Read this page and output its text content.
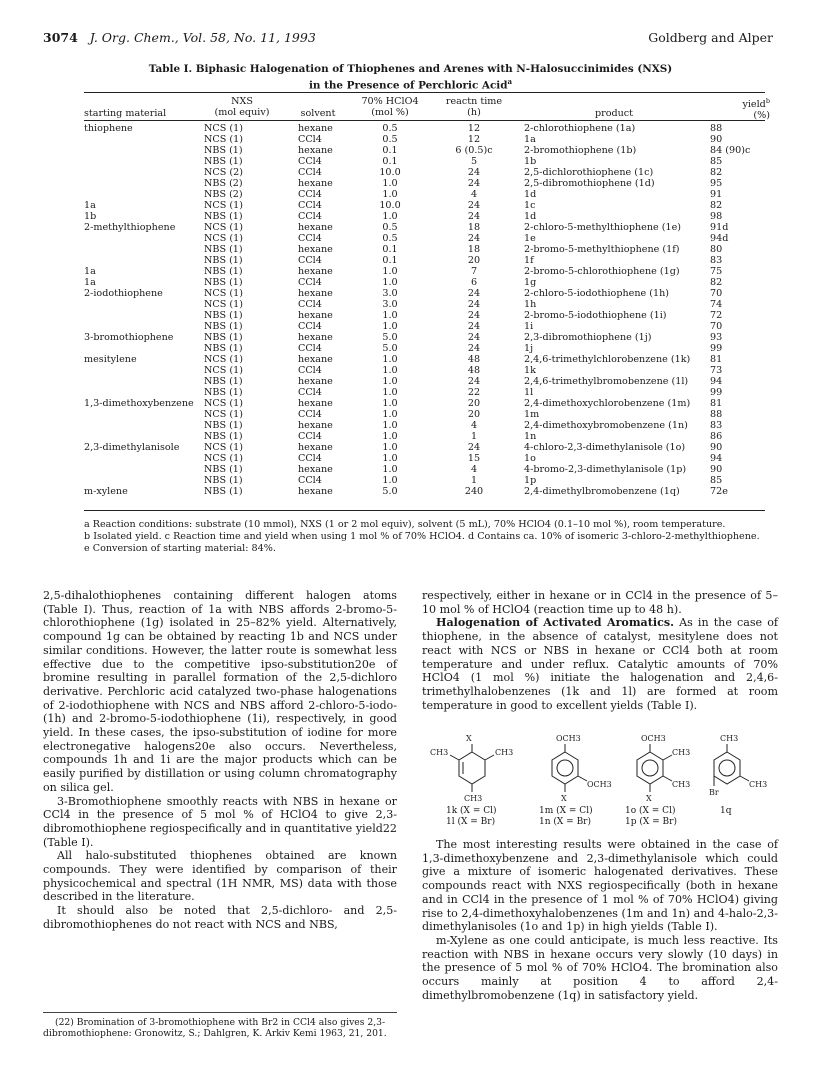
3074 J. Org. Chem., Vol. 58, No. 11, 1993	Goldberg and Alper
Table I. Biphasic Halogenation of Thiophenes and Arenes with N-Halosuccinimides (NXS)
in the Presence of Perchloric Acid$^a$
starting material
NXS
(mol equiv)	solvent
70% HClO4
(mol %)
reactn time
(h)	product
yield$^b$
(%)
thiophene	NCS (1)	hexane	0.5	12	2-chlorothiophene (1a)	88
NCS (1)	CCl4	0.5	12	1a	90
NBS (1)	hexane	0.1	6 (0.5)c	2-bromothiophene (1b)	84 (90)c
NBS (1)	CCl4	0.1	5	1b	85
NCS (2)	CCl4	10.0	24	2,5-dichlorothiophene (1c)	82
NBS (2)	hexane	1.0	24	2,5-dibromothiophene (1d)	95
NBS (2)	CCl4	1.0	4	1d	91
1a	NCS (1)	CCl4	10.0	24	1c	82
1b	NBS (1)	CCl4	1.0	24	1d	98
2-methylthiophene	NCS (1)	hexane	0.5	18	2-chloro-5-methylthiophene (1e)	91d
NCS (1)	CCl4	0.5	24	1e	94d
NBS (1)	hexane	0.1	18	2-bromo-5-methylthiophene (1f)	80
NBS (1)	CCl4	0.1	20	1f	83
1a	NBS (1)	hexane	1.0	7	2-bromo-5-chlorothiophene (1g)	75
1a	NBS (1)	CCl4	1.0	6	1g	82
2-iodothiophene	NCS (1)	hexane	3.0	24	2-chloro-5-iodothiophene (1h)	70
NCS (1)	CCl4	3.0	24	1h	74
NBS (1)	hexane	1.0	24	2-bromo-5-iodothiophene (1i)	72
NBS (1)	CCl4	1.0	24	1i	70
3-bromothiophene	NBS (1)	hexane	5.0	24	2,3-dibromothiophene (1j)	93
NBS (1)	CCl4	5.0	24	1j	99
mesitylene	NCS (1)	hexane	1.0	48	2,4,6-trimethylchlorobenzene (1k)	81
NCS (1)	CCl4	1.0	48	1k	73
NBS (1)	hexane	1.0	24	2,4,6-trimethylbromobenzene (1l)	94
NBS (1)	CCl4	1.0	22	1l	99
1,3-dimethoxybenzene	NCS (1)	hexane	1.0	20	2,4-dimethoxychlorobenzene (1m)	81
NCS (1)	CCl4	1.0	20	1m	88
NBS (1)	hexane	1.0	4	2,4-dimethoxybromobenzene (1n)	83
NBS (1)	CCl4	1.0	1	1n	86
2,3-dimethylanisole	NCS (1)	hexane	1.0	24	4-chloro-2,3-dimethylanisole (1o)	90
NCS (1)	CCl4	1.0	15	1o	94
NBS (1)	hexane	1.0	4	4-bromo-2,3-dimethylanisole (1p)	90
NBS (1)	CCl4	1.0	1	1p	85
m-xylene	NBS (1)	hexane	5.0	240	2,4-dimethylbromobenzene (1q)	72e
a Reaction conditions: substrate (10 mmol), NXS (1 or 2 mol equiv), solvent (5 mL), 70% HClO4 (0.1–10 mol %), room temperature.
b Isolated yield. c Reaction time and yield when using 1 mol % of 70% HClO4. d Contains ca. 10% of isomeric 3-chloro-2-methylthiophene.
e Conversion of starting material: 84%.

2,5-dihalothiophenes containing different halogen atoms (Table I). Thus, reaction of 1a with NBS affords 2-bromo-5-chlorothiophene (1g) isolated in 25–82% yield. Alternatively, compound 1g can be obtained by reacting 1b and NCS under similar conditions. However, the latter route is somewhat less effective due to the competitive ipso-substitution20e of bromine resulting in parallel formation of the 2,5-dichloro derivative. Perchloric acid catalyzed two-phase halogenations of 2-iodothiophene with NCS and NBS afford 2-chloro-5-iodo- (1h) and 2-bromo-5-iodothiophene (1i), respectively, in good yield. In these cases, the ipso-substitution of iodine for more electronegative halogens20e also occurs. Nevertheless, compounds 1h and 1i are the major products which can be easily purified by distillation or using column chromatography on silica gel.

3-Bromothiophene smoothly reacts with NBS in hexane or CCl4 in the presence of 5 mol % of HClO4 to give 2,3-dibromothiophene regiospecifically and in quantitative yield22 (Table I).

All halo-substituted thiophenes obtained are known compounds. They were identified by comparison of their physicochemical and spectral (1H NMR, MS) data with those described in the literature.

It should also be noted that 2,5-dichloro- and 2,5-dibromothiophenes do not react with NCS and NBS,

respectively, either in hexane or in CCl4 in the presence of 5–10 mol % of HClO4 (reaction time up to 48 h).

Halogenation of Activated Aromatics. As in the case of thiophene, in the absence of catalyst, mesitylene does not react with NCS or NBS in hexane or CCl4 both at room temperature and under reflux. Catalytic amounts of 70% HClO4 (1 mol %) initiate the halogenation and 2,4,6-trimethylhalobenzenes (1k and 1l) are formed at room temperature in good to excellent yields (Table I).

X
CH3	CH3
CH3
OCH3
OCH3
X
OCH3
CH3
CH3
X
CH3
CH3
Br
1k (X = Cl)
1l (X = Br)
1m (X = Cl)
1n (X = Br)
1o (X = Cl)
1p (X = Br)
1q

The most interesting results were obtained in the case of 1,3-dimethoxybenzene and 2,3-dimethylanisole which could give a mixture of isomeric halogenated derivatives. These compounds react with NXS regiospecifically (both in hexane and in CCl4 in the presence of 1 mol % of 70% HClO4) giving rise to 2,4-dimethoxyhalobenzenes (1m and 1n) and 4-halo-2,3-dimethylanisoles (1o and 1p) in high yields (Table I).

m-Xylene as one could anticipate, is much less reactive. Its reaction with NBS in hexane occurs very slowly (10 days) in the presence of 5 mol % of 70% HClO4. The bromination also occurs mainly at position 4 to afford 2,4-dimethylbromobenzene (1q) in satisfactory yield.

(22) Bromination of 3-bromothiophene with Br2 in CCl4 also gives 2,3-dibromothiophene: Gronowitz, S.; Dahlgren, K. Arkiv Kemi 1963, 21, 201.
